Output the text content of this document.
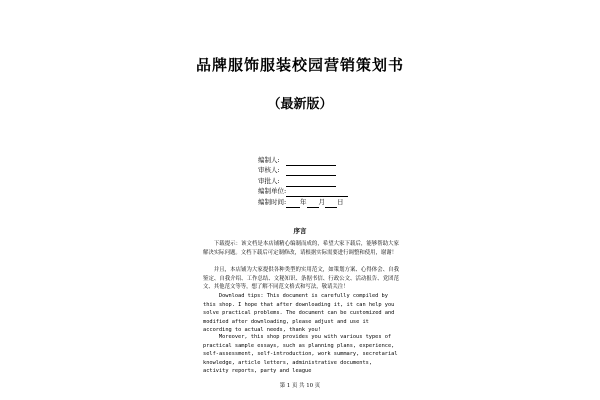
品牌服饰服装校园营销策划书
（最新版）
编制人:
审核人:
审批人:
编制单位:
编制时间: 年 月 日
序言
下载提示：该文档是本店铺精心编制而成的，希望大家下载后，能够帮助大家解决实际问题。文档下载后可定制修改，请根据实际需要进行调整和使用，谢谢！
并且，本店铺为大家提供各种类型的实用范文，如策划方案、心得体会、自我鉴定、自我介绍、工作总结、文秘知识、条据书信、行政公文、活动报告、党团范文、其他范文等等，想了解不同范文格式和写法，敬请关注！
Download tips: This document is carefully compiled by this shop. I hope that after downloading it, it can help you solve practical problems. The document can be customized and modified after downloading, please adjust and use it according to actual needs, thank you!
Moreover, this shop provides you with various types of practical sample essays, such as planning plans, experience, self-assessment, self-introduction, work summary, secretarial knowledge, article letters, administrative documents, activity reports, party and league
第 1 页 共 10 页
